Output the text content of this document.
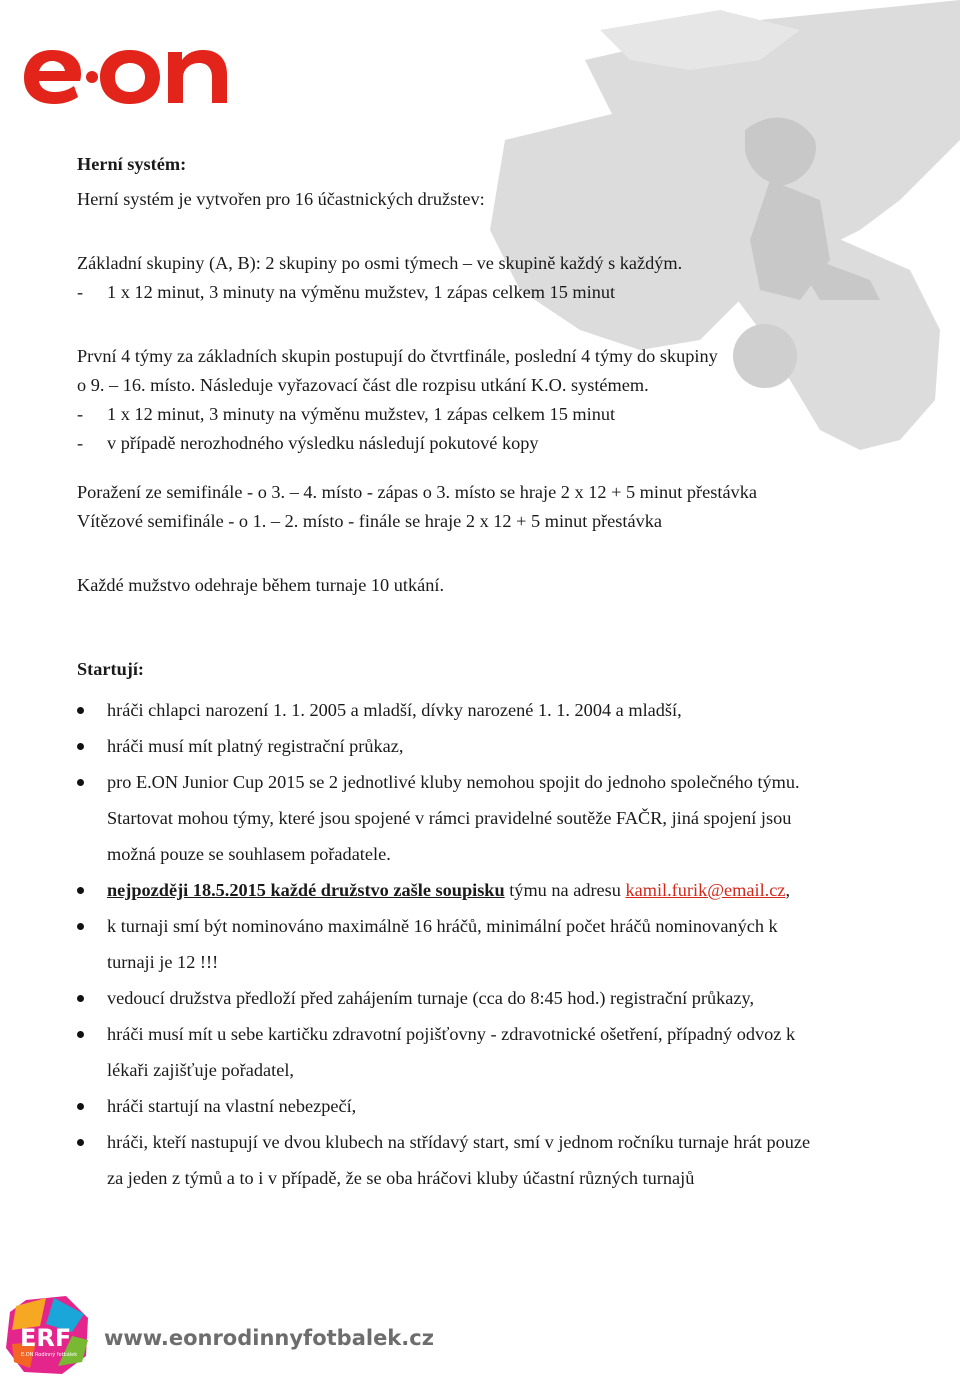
Herní systém:

Herní systém je vytvořen pro 16 účastnických družstev:

Základní skupiny (A, B): 2 skupiny po osmi týmech – ve skupině každý s každým.

-	1 x 12 minut, 3 minuty na výměnu mužstev, 1 zápas celkem 15 minut

První 4 týmy za základních skupin postupují do čtvrtfinále, poslední 4 týmy do skupiny

o 9. – 16. místo. Následuje vyřazovací část dle rozpisu utkání K.O. systémem.

-	1 x 12 minut, 3 minuty na výměnu mužstev, 1 zápas celkem 15 minut

-	v případě nerozhodného výsledku následují pokutové kopy

Poražení ze semifinále - o 3. – 4. místo - zápas o 3. místo se hraje 2 x 12 + 5 minut přestávka

Vítězové semifinále - o 1. – 2. místo - finále se hraje 2 x 12 + 5 minut přestávka

Každé mužstvo odehraje během turnaje 10 utkání.

Startují:

hráči chlapci narození 1. 1. 2005 a mladší, dívky narozené 1. 1. 2004 a mladší,
hráči musí mít platný registrační průkaz,
pro E.ON Junior Cup 2015 se 2 jednotlivé kluby nemohou spojit do jednoho společného týmu.
Startovat mohou týmy, které jsou spojené v rámci pravidelné soutěže FAČR, jiná spojení jsou
možná pouze se souhlasem pořadatele.
nejpozději 18.5.2015 každé družstvo zašle soupisku týmu na adresu kamil.furik@email.cz,
k turnaji smí být nominováno maximálně 16 hráčů, minimální počet hráčů nominovaných k
turnaji je 12 !!!
vedoucí družstva předloží před zahájením turnaje (cca do 8:45 hod.) registrační průkazy,
hráči musí mít u sebe kartičku zdravotní pojišťovny - zdravotnické ošetření, případný odvoz k
lékaři zajišťuje pořadatel,
hráči startují na vlastní nebezpečí,
hráči, kteří nastupují ve dvou klubech na střídavý start, smí v jednom ročníku turnaje hrát pouze
za jeden z týmů a to i v případě, že se oba hráčovi kluby účastní různých turnajů
ERF
E.ON Rodinný fotbálek
www.eonrodinnyfotbalek.cz
